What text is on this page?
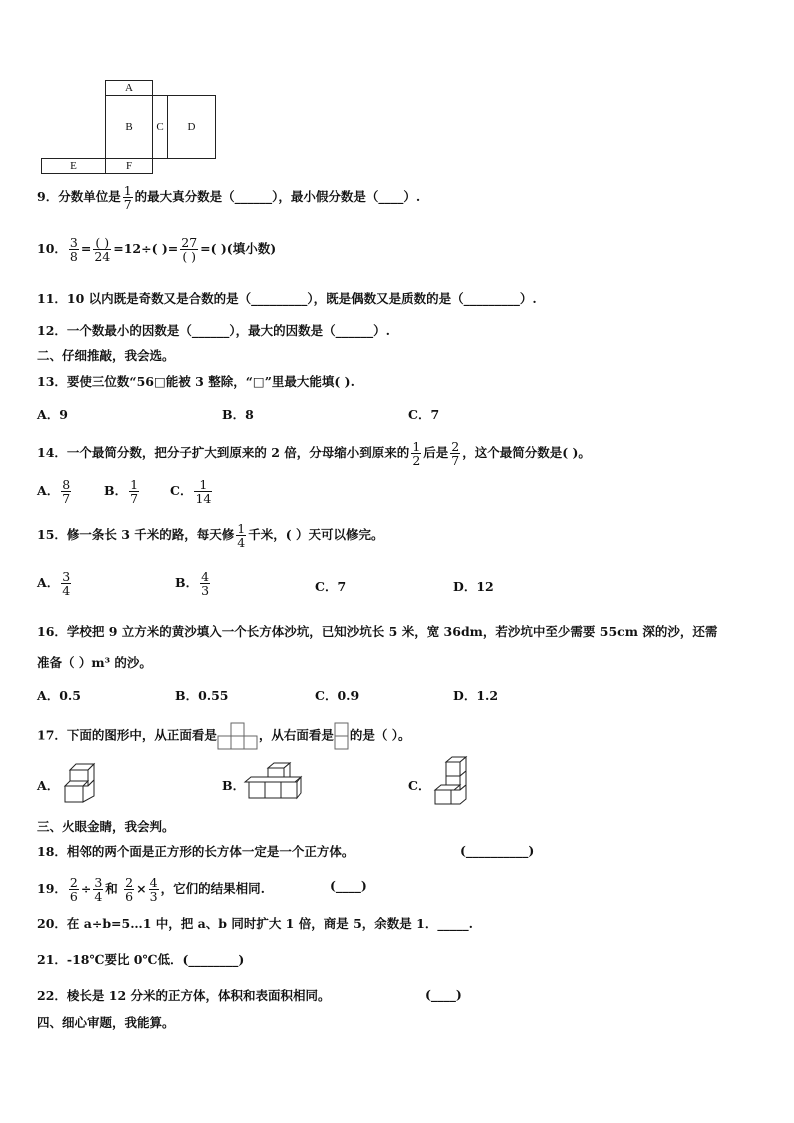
A
B C D
E	F
9．分数单位是 $\frac{1}{7}$ 的最大真分数是（______），最小假分数是（____）.
10． $\frac{3}{8} = \frac{( )}{24} =12\div$( )= $\frac{27}{( )}$ =( )(填小数)
11．10 以内既是奇数又是合数的是（_________），既是偶数又是质数的是（_________）.
12．一个数最小的因数是（______），最大的因数是（______）.
二、仔细推敲，我会选。
13．要使三位数“56□能被 3 整除，“□”里最大能填( ).
A．9	B．8	C．7
14．一个最简分数，把分子扩大到原来的 2 倍，分母缩小到原来的 $\frac{1}{2}$ 后是 $\frac{2}{7}$ ，这个最简分数是( )。
A． $\frac{8}{7}$	B． $\frac{1}{7}$ C． $\frac{1}{14}$
15．修一条长 3 千米的路，每天修 $\frac{1}{4}$ 千米，( ）天可以修完。
A． $\frac{3}{4}$	B． $\frac{4}{3}$	C．7	D．12
16．学校把 9 立方米的黄沙填入一个长方体沙坑，已知沙坑长 5 米，宽 36dm，若沙坑中至少需要 55cm 深的沙，还需
准备（ ）m³ 的沙。
A．0.5	B．0.55	C．0.9	D．1.2
17．下面的图形中，从正面看是	，从右面看是 的是（ ）。
A．	B．	C．
三、火眼金睛，我会判。
18．相邻的两个面是正方形的长方体一定是一个正方体。	(__________)
19． $\frac{2}{6} \div \frac{3}{4}$ 和 $\frac{2}{6} \times \frac{4}{3}$ ，它们的结果相同.	(____)
20．在 a÷b=5…1 中，把 a、b 同时扩大 1 倍，商是 5，余数是 1．_____.
21．-18℃要比 0℃低．(________)
22．棱长是 12 分米的正方体，体积和表面积相同。	(____)
四、细心审题，我能算。
